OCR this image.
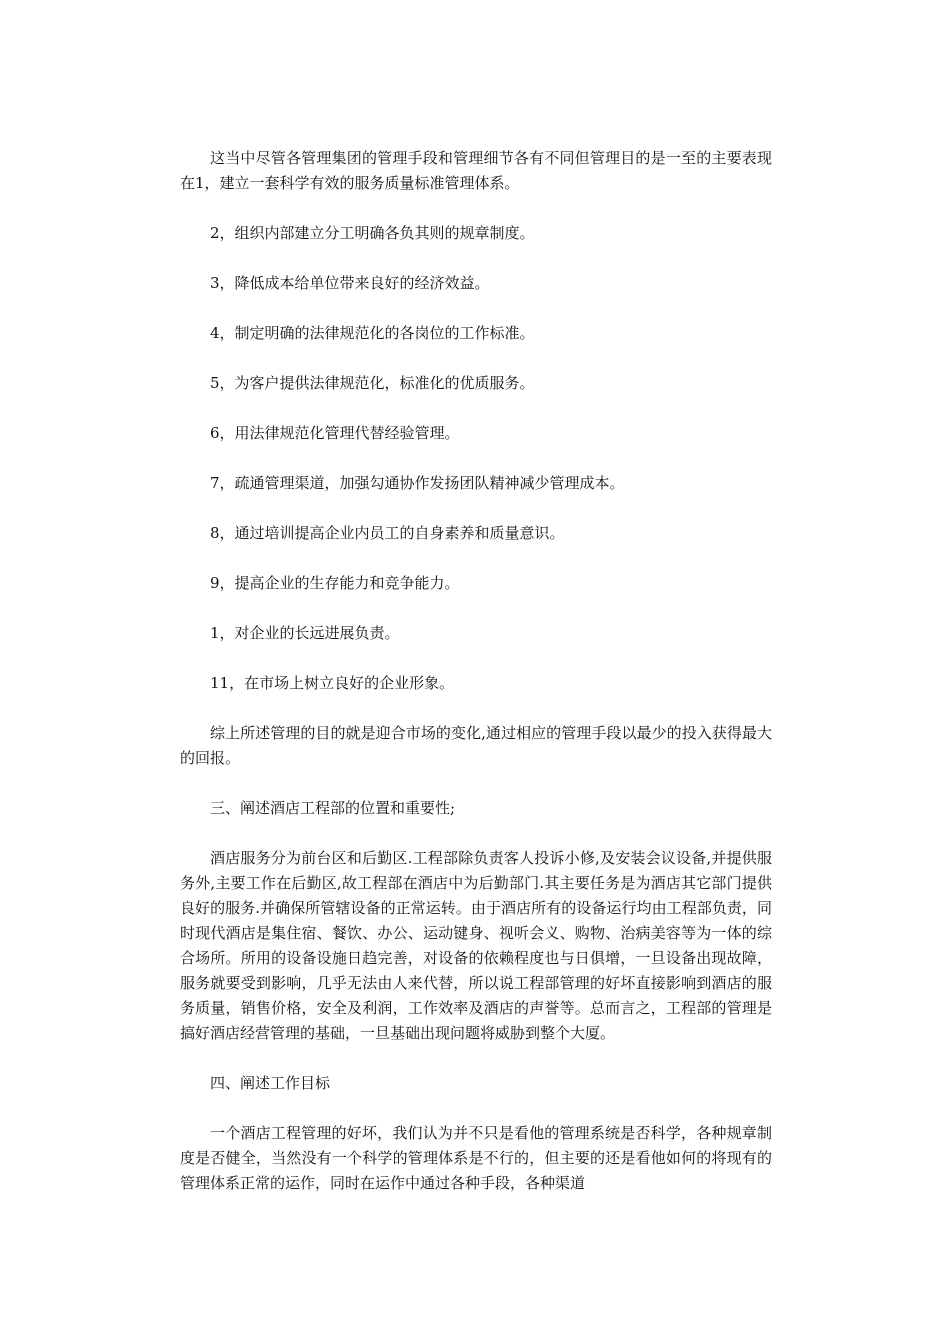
这当中尽管各管理集团的管理手段和管理细节各有不同但管理目的是一至的主要表现在1，建立一套科学有效的服务质量标准管理体系。

2，组织内部建立分工明确各负其则的规章制度。

3，降低成本给单位带来良好的经济效益。

4，制定明确的法律规范化的各岗位的工作标准。

5，为客户提供法律规范化，标准化的优质服务。

6，用法律规范化管理代替经验管理。

7，疏通管理渠道，加强勾通协作发扬团队精神减少管理成本。

8，通过培训提高企业内员工的自身素养和质量意识。

9，提高企业的生存能力和竞争能力。

1，对企业的长远进展负责。

11，在市场上树立良好的企业形象。

综上所述管理的目的就是迎合市场的变化,通过相应的管理手段以最少的投入获得最大的回报。

三、阐述酒店工程部的位置和重要性;

酒店服务分为前台区和后勤区.工程部除负责客人投诉小修,及安装会议设备,并提供服务外,主要工作在后勤区,故工程部在酒店中为后勤部门.其主要任务是为酒店其它部门提供良好的服务.并确保所管辖设备的正常运转。由于酒店所有的设备运行均由工程部负责，同时现代酒店是集住宿、餐饮、办公、运动键身、视听会义、购物、治病美容等为一体的综合场所。所用的设备设施日趋完善，对设备的依赖程度也与日俱增，一旦设备出现故障，服务就要受到影响，几乎无法由人来代替，所以说工程部管理的好坏直接影响到酒店的服务质量，销售价格，安全及利润，工作效率及酒店的声誉等。总而言之，工程部的管理是搞好酒店经营管理的基础，一旦基础出现问题将威胁到整个大厦。

四、阐述工作目标

一个酒店工程管理的好坏，我们认为并不只是看他的管理系统是否科学，各种规章制度是否健全，当然没有一个科学的管理体系是不行的，但主要的还是看他如何的将现有的管理体系正常的运作，同时在运作中通过各种手段，各种渠道
